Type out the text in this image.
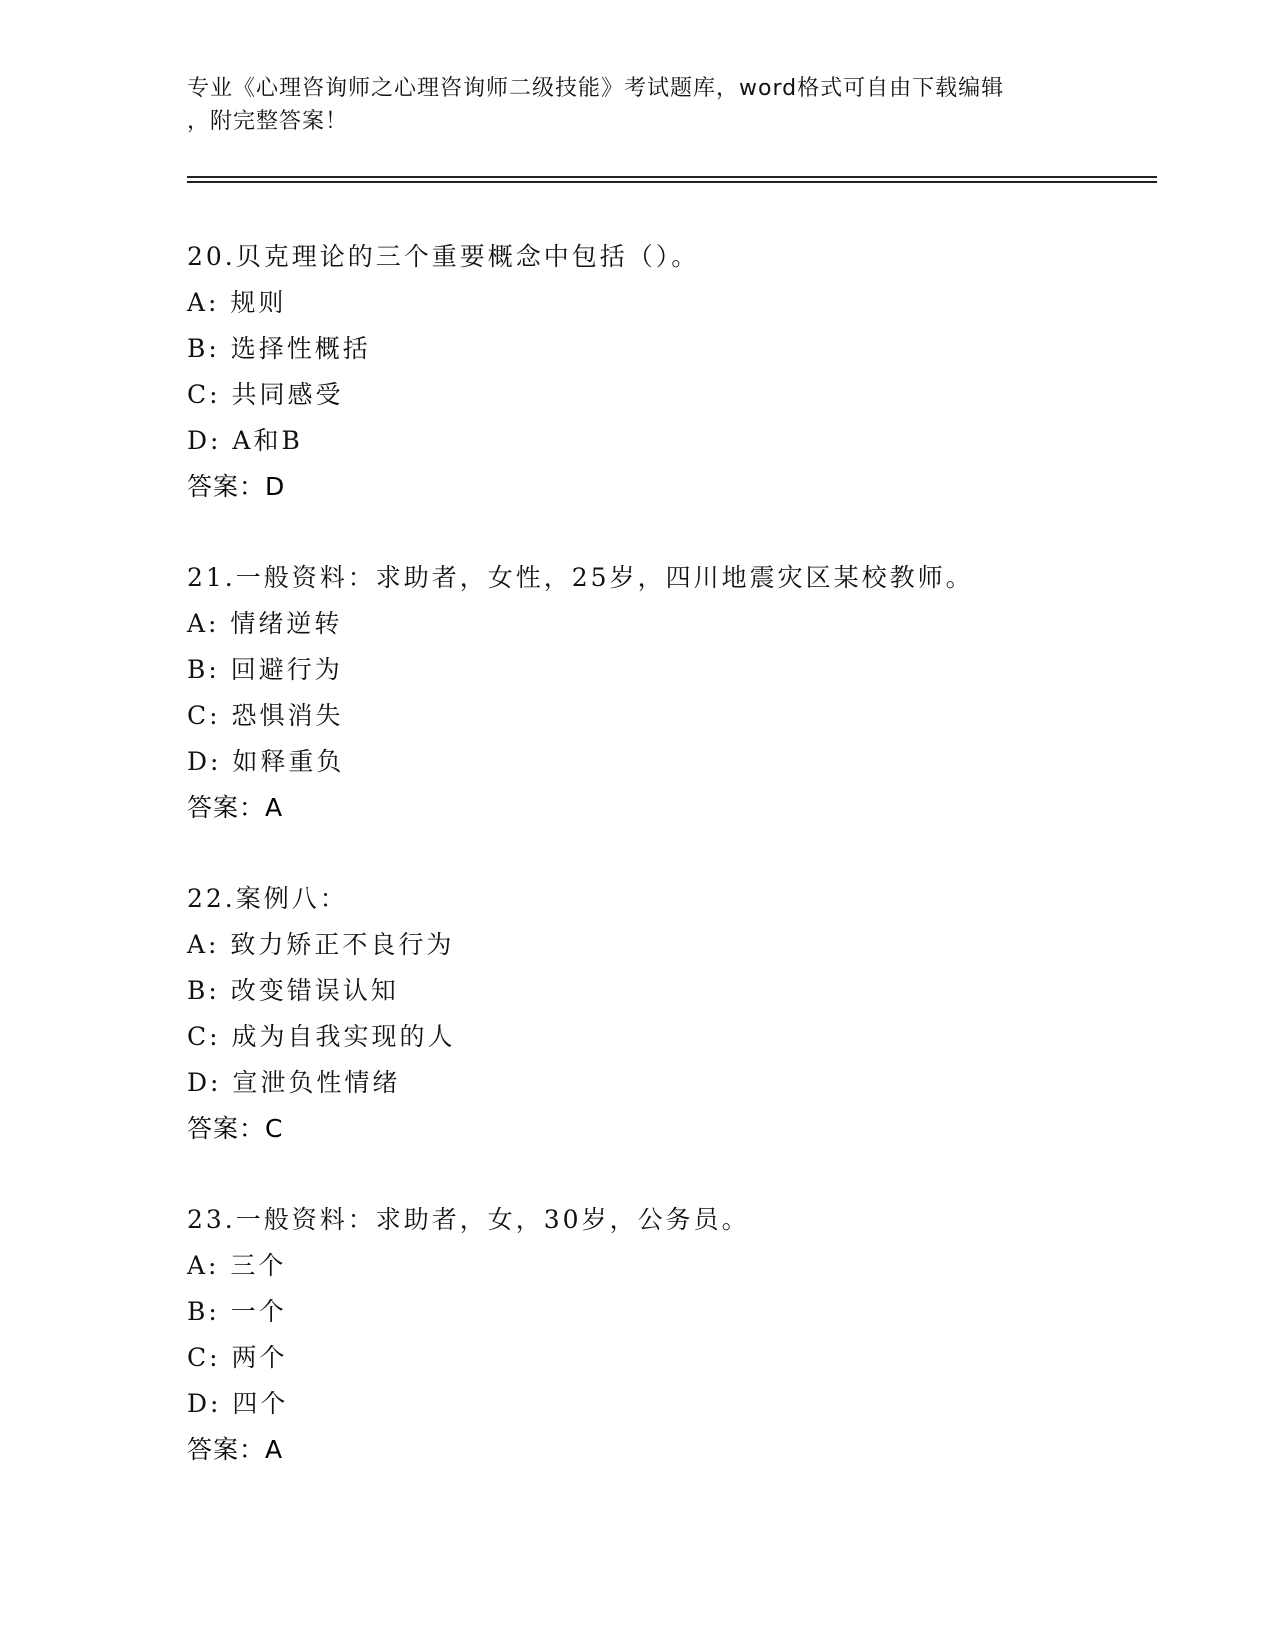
专业《心理咨询师之心理咨询师二级技能》考试题库，word格式可自由下载编辑
，附完整答案！
20.贝克理论的三个重要概念中包括（）。
A: 规则
B: 选择性概括
C: 共同感受
D: A和B
答案：D
21.一般资料：求助者，女性，25岁，四川地震灾区某校教师。
A: 情绪逆转
B: 回避行为
C: 恐惧消失
D: 如释重负
答案：A
22.案例八：
A: 致力矫正不良行为
B: 改变错误认知
C: 成为自我实现的人
D: 宣泄负性情绪
答案：C
23.一般资料：求助者，女，30岁，公务员。
A: 三个
B: 一个
C: 两个
D: 四个
答案：A
